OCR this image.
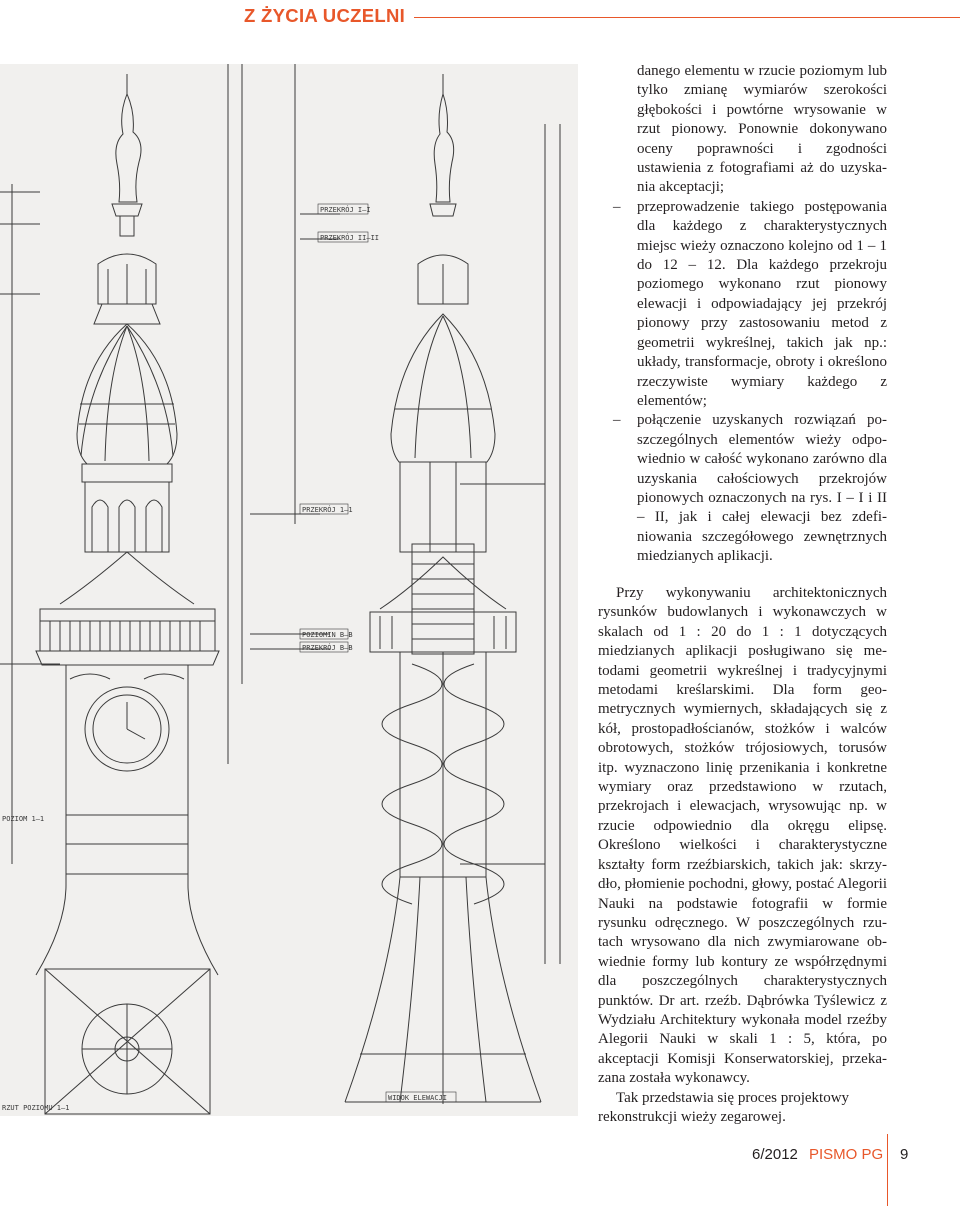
Z ŻYCIA UCZELNI
PRZEKRÓJ I–I
PRZEKRÓJ II–II
PRZEKRÓJ 1–1
POZIOMIN B–B
PRZEKRÓJ B–B
POZIOM 1–1
RZUT POZIOMU 1–1
WIDOK ELEWACJI

danego elementu w rzucie poziomym lub tylko zmianę wymiarów szerokości głębokości i powtórne wrysowanie w rzut pionowy. Ponownie dokonywano oceny poprawności i zgodności ustawienia z fotografiami aż do uzyskania akceptacji;

– przeprowadzenie takiego postępowania dla każdego z charakterystycznych miejsc wieży oznaczono kolejno od 1 – 1 do 12 – 12. Dla każdego przekroju poziomego wykonano rzut pionowy elewacji i odpowiadający jej przekrój pionowy przy zastosowaniu metod z geometrii wykreślnej, takich jak np.: układy, transformacje, obroty i określono rzeczywiste wymiary każdego z elementów;
– połączenie uzyskanych rozwiązań poszczególnych elementów wieży odpowiednio w całość wykonano zarówno dla uzyskania całościowych przekrojów pionowych oznaczonych na rys. I – I i II – II, jak i całej elewacji bez zdefiniowania szczegółowego zewnętrznych miedzianych aplikacji.

Przy wykonywaniu architektonicznych rysunków budowlanych i wykonawczych w skalach od 1 : 20 do 1 : 1 dotyczących miedzianych aplikacji posługiwano się metodami geometrii wykreślnej i tradycyjnymi metodami kreślarskimi. Dla form geometrycznych wymiernych, składających się z kół, prostopadłościanów, stożków i walców obrotowych, stożków trójosiowych, torusów itp. wyznaczono linię przenikania i konkretne wymiary oraz przedstawiono w rzutach, przekrojach i elewacjach, wrysowując np. w rzucie odpowiednio dla okręgu elipsę. Określono wielkości i charakterystyczne kształty form rzeźbiarskich, takich jak: skrzydło, płomienie pochodni, głowy, postać Alegorii Nauki na podstawie fotografii w formie rysunku odręcznego. W poszczególnych rzutach wrysowano dla nich zwymiarowane obwiednie formy lub kontury ze współrzędnymi dla poszczególnych charakterystycznych punktów. Dr art. rzeźb. Dąbrówka Tyślewicz z Wydziału Architektury wykonała model rzeźby Alegorii Nauki w skali 1 : 5, która, po akceptacji Komisji Konserwatorskiej, przekazana została wykonawcy.

Tak przedstawia się proces projektowy rekonstrukcji wieży zegarowej.

6/2012 PISMO PG 9
